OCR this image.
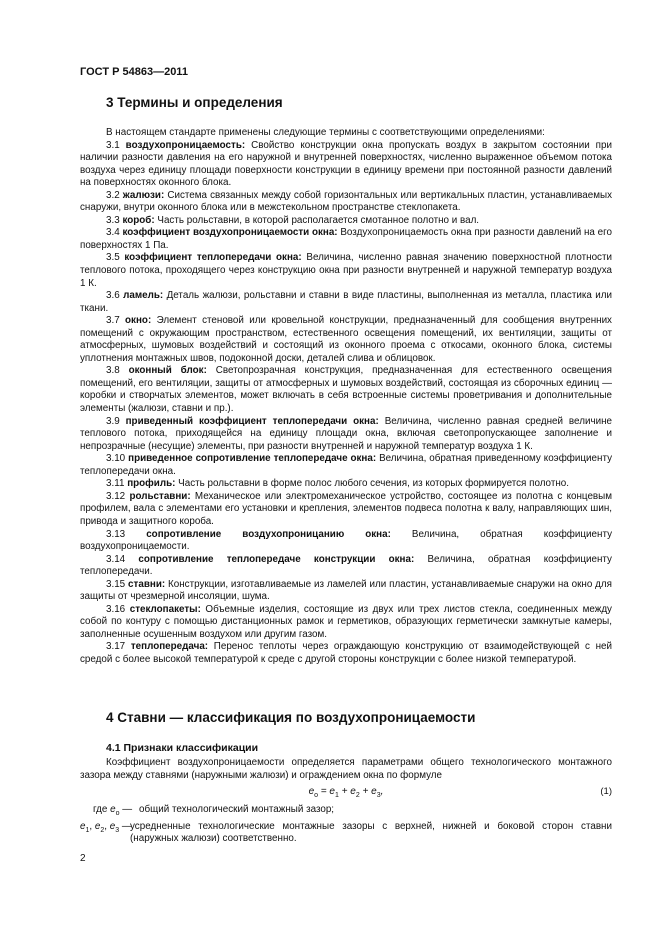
ГОСТ Р 54863—2011
3 Термины и определения

В настоящем стандарте применены следующие термины с соответствующими определениями:

3.1 воздухопроницаемость: Свойство конструкции окна пропускать воздух в закрытом состоянии при наличии разности давления на его наружной и внутренней поверхностях, численно выраженное объемом потока воздуха через единицу площади поверхности конструкции в единицу времени при постоянной разности давлений на поверхностях оконного блока.

3.2 жалюзи: Система связанных между собой горизонтальных или вертикальных пластин, устанавливаемых снаружи, внутри оконного блока или в межстекольном пространстве стеклопакета.

3.3 короб: Часть рольставни, в которой располагается смотанное полотно и вал.

3.4 коэффициент воздухопроницаемости окна: Воздухопроницаемость окна при разности давлений на его поверхностях 1 Па.

3.5 коэффициент теплопередачи окна: Величина, численно равная значению поверхностной плотности теплового потока, проходящего через конструкцию окна при разности внутренней и наружной температур воздуха 1 К.

3.6 ламель: Деталь жалюзи, рольставни и ставни в виде пластины, выполненная из металла, пластика или ткани.

3.7 окно: Элемент стеновой или кровельной конструкции, предназначенный для сообщения внутренних помещений с окружающим пространством, естественного освещения помещений, их вентиляции, защиты от атмосферных, шумовых воздействий и состоящий из оконного проема с откосами, оконного блока, системы уплотнения монтажных швов, подоконной доски, деталей слива и облицовок.

3.8 оконный блок: Светопрозрачная конструкция, предназначенная для естественного освещения помещений, его вентиляции, защиты от атмосферных и шумовых воздействий, состоящая из сборочных единиц — коробки и створчатых элементов, может включать в себя встроенные системы проветривания и дополнительные элементы (жалюзи, ставни и пр.).

3.9 приведенный коэффициент теплопередачи окна: Величина, численно равная средней величине теплового потока, приходящейся на единицу площади окна, включая светопропускающее заполнение и непрозрачные (несущие) элементы, при разности внутренней и наружной температур воздуха 1 К.

3.10 приведенное сопротивление теплопередаче окна: Величина, обратная приведенному коэффициенту теплопередачи окна.

3.11 профиль: Часть рольставни в форме полос любого сечения, из которых формируется полотно.

3.12 рольставни: Механическое или электромеханическое устройство, состоящее из полотна с концевым профилем, вала с элементами его установки и крепления, элементов подвеса полотна к валу, направляющих шин, привода и защитного короба.

3.13 сопротивление воздухопроницанию окна: Величина, обратная коэффициенту воздухопроницаемости.

3.14 сопротивление теплопередаче конструкции окна: Величина, обратная коэффициенту теплопередачи.

3.15 ставни: Конструкции, изготавливаемые из ламелей или пластин, устанавливаемые снаружи на окно для защиты от чрезмерной инсоляции, шума.

3.16 стеклопакеты: Объемные изделия, состоящие из двух или трех листов стекла, соединенных между собой по контуру с помощью дистанционных рамок и герметиков, образующих герметически замкнутые камеры, заполненные осушенным воздухом или другим газом.

3.17 теплопередача: Перенос теплоты через ограждающую конструкцию от взаимодействующей с ней средой с более высокой температурой к среде с другой стороны конструкции с более низкой температурой.

4 Ставни — классификация по воздухопроницаемости
4.1 Признаки классификации

Коэффициент воздухопроницаемости определяется параметрами общего технологического монтажного зазора между ставнями (наружными жалюзи) и ограждением окна по формуле

$e_о = e_1 + e_2 + e_3$,	(1)
где $e_о$ — общий технологический монтажный зазор;
$e_1$, $e_2$, $e_3$ —
усредненные технологические монтажные зазоры с верхней, нижней и боковой сторон ставни (наружных жалюзи) соответственно.
2
